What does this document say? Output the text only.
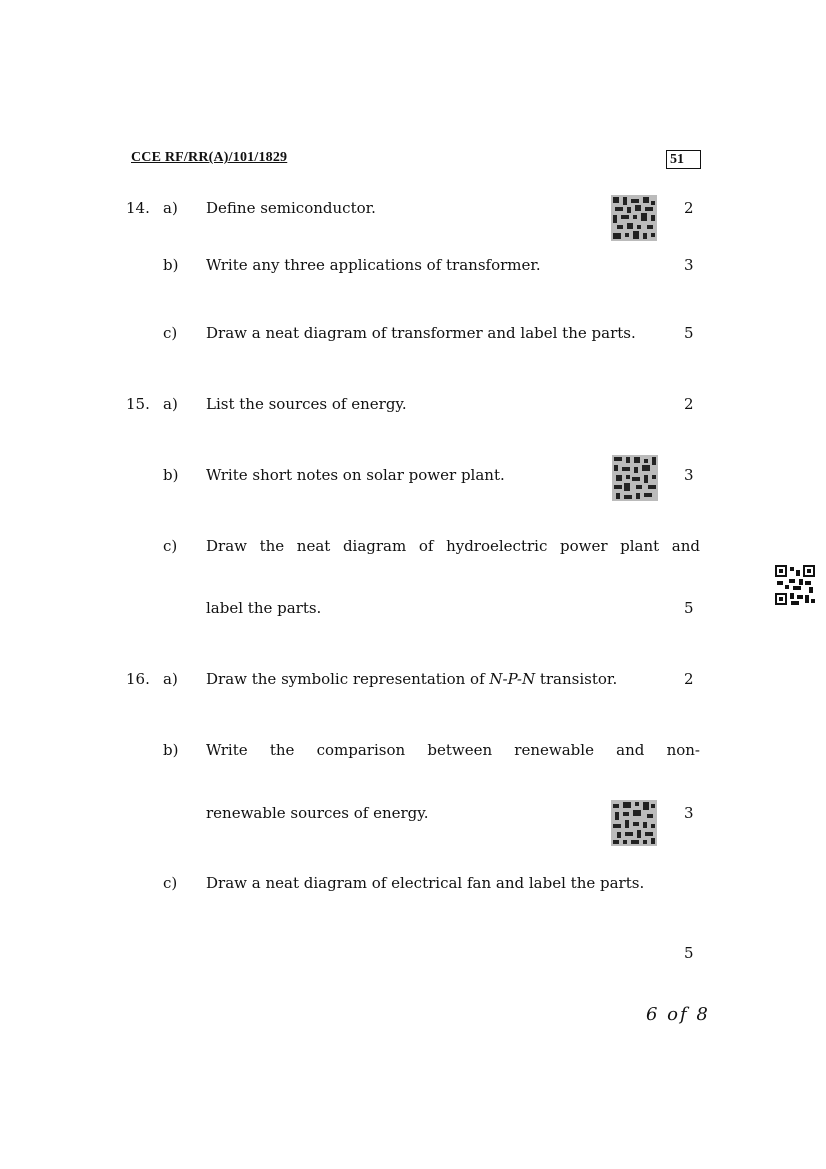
CCE RF/RR(A)/101/1829	51
14. a) Define semiconductor.	2
b) Write any three applications of transformer.	3
c) Draw a neat diagram of transformer and label the parts.	5
15. a) List the sources of energy.	2
b) Write short notes on solar power plant.	3
c) Draw the neat diagram of hydroelectric power plant and
label the parts.	5
16. a) Draw the symbolic representation of N-P-N transistor.	2
b) Write the comparison between renewable and non-
renewable sources of energy.	3
c) Draw a neat diagram of electrical fan and label the parts.
5
6 of 8
